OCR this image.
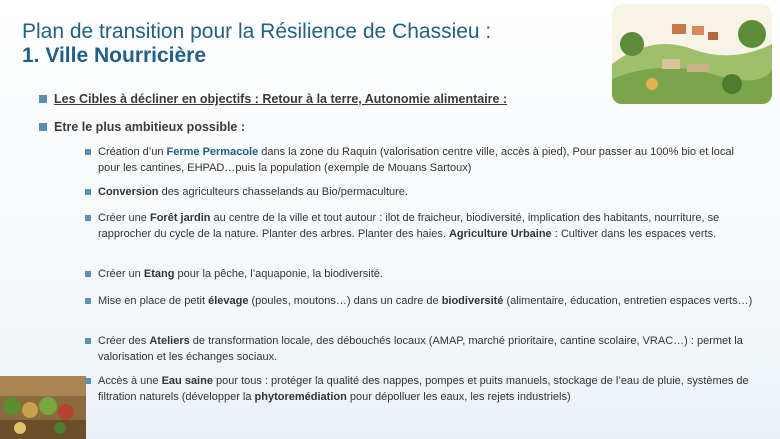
Plan de transition pour la Résilience de Chassieu :
1. Ville Nourricière
Les Cibles à décliner en objectifs : Retour à la terre, Autonomie alimentaire :
Etre le plus ambitieux possible :
Création d’un Ferme Permacole dans la zone du Raquin (valorisation centre ville, accès à pied), Pour passer au 100% bio et local pour les cantines, EHPAD…puis la population (exemple de Mouans Sartoux)
Conversion des agriculteurs chasselands au Bio/permaculture.
Créer une Forêt jardin au centre de la ville et tout autour : ilot de fraicheur, biodiversité, implication des habitants, nourriture, se rapprocher du cycle de la nature. Planter des arbres. Planter des haies. Agriculture Urbaine : Cultiver dans les espaces verts.
Créer un Etang pour la pêche, l’aquaponie, la biodiversité.
Mise en place de petit élevage (poules, moutons…) dans un cadre de biodiversité (alimentaire, éducation, entretien espaces verts…)
Créer des Ateliers de transformation locale, des débouchés locaux (AMAP, marché prioritaire, cantine scolaire, VRAC…) : permet la valorisation et les échanges sociaux.
Accès à une Eau saine pour tous : protéger la qualité des nappes, pompes et puits manuels, stockage de l’eau de pluie, systèmes de filtration naturels (développer la phytoremédiation pour dépolluer les eaux, les rejets industriels)
